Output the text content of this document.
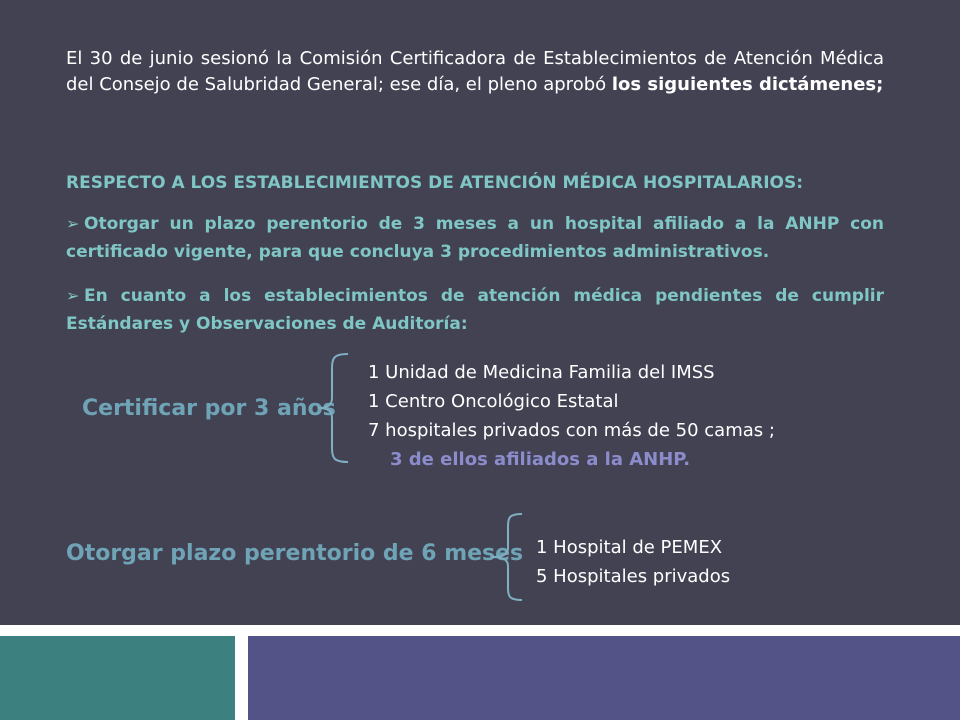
El 30 de junio sesionó la Comisión Certificadora de Establecimientos de Atención Médica del Consejo de Salubridad General; ese día, el pleno aprobó los siguientes dictámenes;
RESPECTO A LOS ESTABLECIMIENTOS DE ATENCIÓN MÉDICA HOSPITALARIOS:
➢ Otorgar un plazo perentorio de 3 meses a un hospital afiliado a la ANHP con certificado vigente, para que concluya 3 procedimientos administrativos.
➢ En cuanto a los establecimientos de atención médica pendientes de cumplir Estándares y Observaciones de Auditoría:
Certificar por 3 años
1 Unidad de Medicina Familia del IMSS
1 Centro Oncológico Estatal
7 hospitales privados con más de 50 camas ;
3 de ellos afiliados a la ANHP.
Otorgar plazo perentorio de 6 meses 1 Hospital de PEMEX
5 Hospitales privados
